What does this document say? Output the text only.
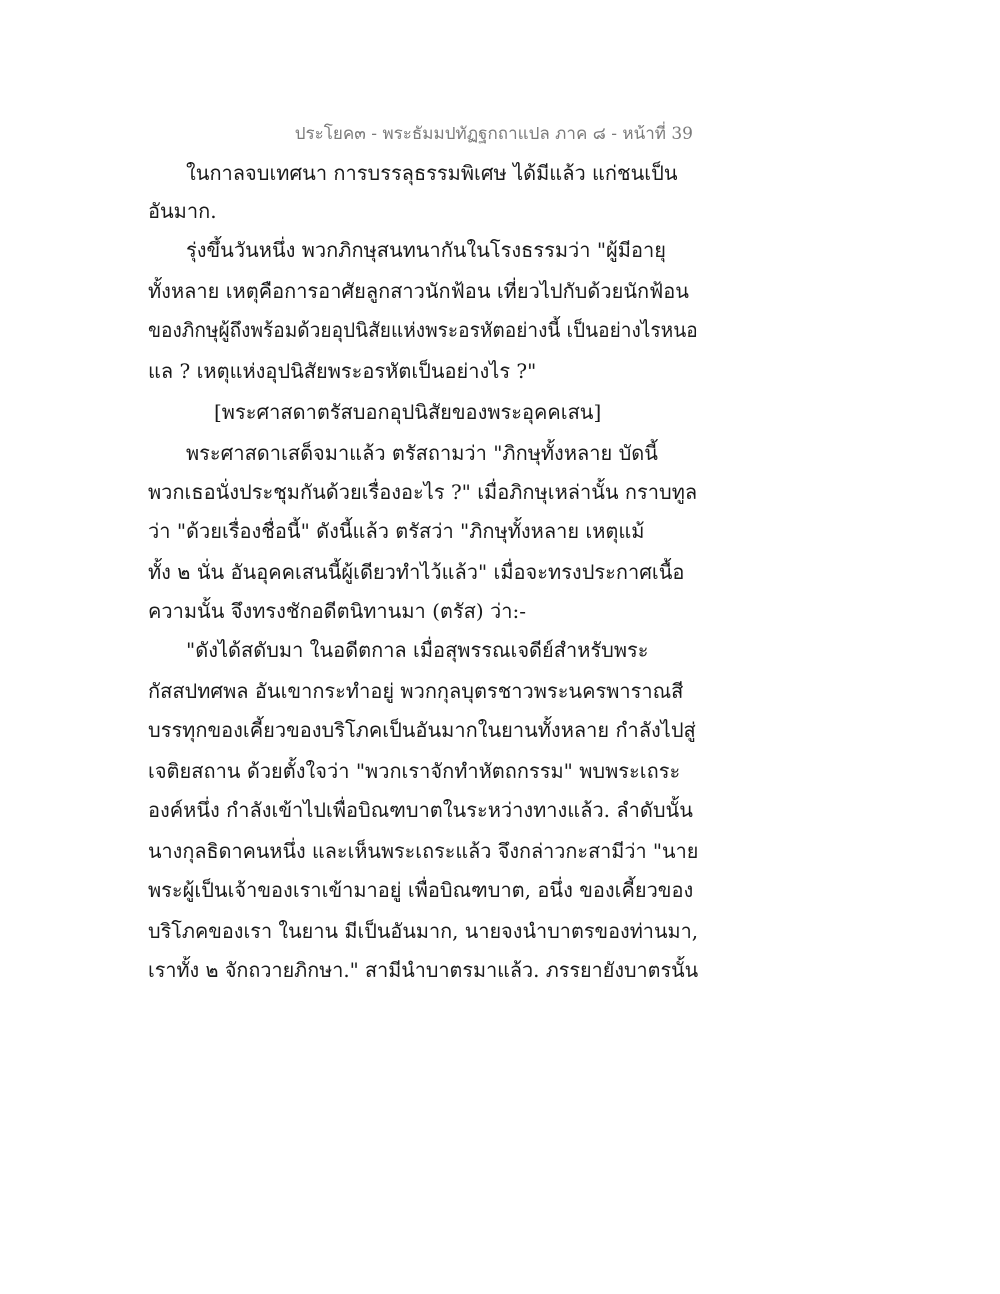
ประโยค๓ - พระธัมมปทัฏฐกถาแปล ภาค ๘ - หน้าที่ 39
ในกาลจบเทศนา การบรรลุธรรมพิเศษ ได้มีแล้ว แก่ชนเป็น
อันมาก.
รุ่งขึ้นวันหนึ่ง พวกภิกษุสนทนากันในโรงธรรมว่า "ผู้มีอายุ
ทั้งหลาย เหตุคือการอาศัยลูกสาวนักฟ้อน เที่ยวไปกับด้วยนักฟ้อน
ของภิกษุผู้ถึงพร้อมด้วยอุปนิสัยแห่งพระอรหัตอย่างนี้ เป็นอย่างไรหนอ
แล ? เหตุแห่งอุปนิสัยพระอรหัตเป็นอย่างไร ?"
[พระศาสดาตรัสบอกอุปนิสัยของพระอุคคเสน]
พระศาสดาเสด็จมาแล้ว ตรัสถามว่า "ภิกษุทั้งหลาย บัดนี้
พวกเธอนั่งประชุมกันด้วยเรื่องอะไร ?" เมื่อภิกษุเหล่านั้น กราบทูล
ว่า "ด้วยเรื่องชื่อนี้" ดังนี้แล้ว ตรัสว่า "ภิกษุทั้งหลาย เหตุแม้
ทั้ง ๒ นั่น อันอุคคเสนนี้ผู้เดียวทำไว้แล้ว" เมื่อจะทรงประกาศเนื้อ
ความนั้น จึงทรงชักอดีตนิทานมา (ตรัส) ว่า:-
"ดังได้สดับมา ในอดีตกาล เมื่อสุพรรณเจดีย์สำหรับพระ
กัสสปทศพล อันเขากระทำอยู่ พวกกุลบุตรชาวพระนครพาราณสี
บรรทุกของเคี้ยวของบริโภคเป็นอันมากในยานทั้งหลาย กำลังไปสู่
เจติยสถาน ด้วยตั้งใจว่า "พวกเราจักทำหัตถกรรม" พบพระเถระ
องค์หนึ่ง กำลังเข้าไปเพื่อบิณฑบาตในระหว่างทางแล้ว. ลำดับนั้น
นางกุลธิดาคนหนึ่ง และเห็นพระเถระแล้ว จึงกล่าวกะสามีว่า "นาย
พระผู้เป็นเจ้าของเราเข้ามาอยู่ เพื่อบิณฑบาต, อนึ่ง ของเคี้ยวของ
บริโภคของเรา ในยาน มีเป็นอันมาก, นายจงนำบาตรของท่านมา,
เราทั้ง ๒ จักถวายภิกษา." สามีนำบาตรมาแล้ว. ภรรยายังบาตรนั้น
